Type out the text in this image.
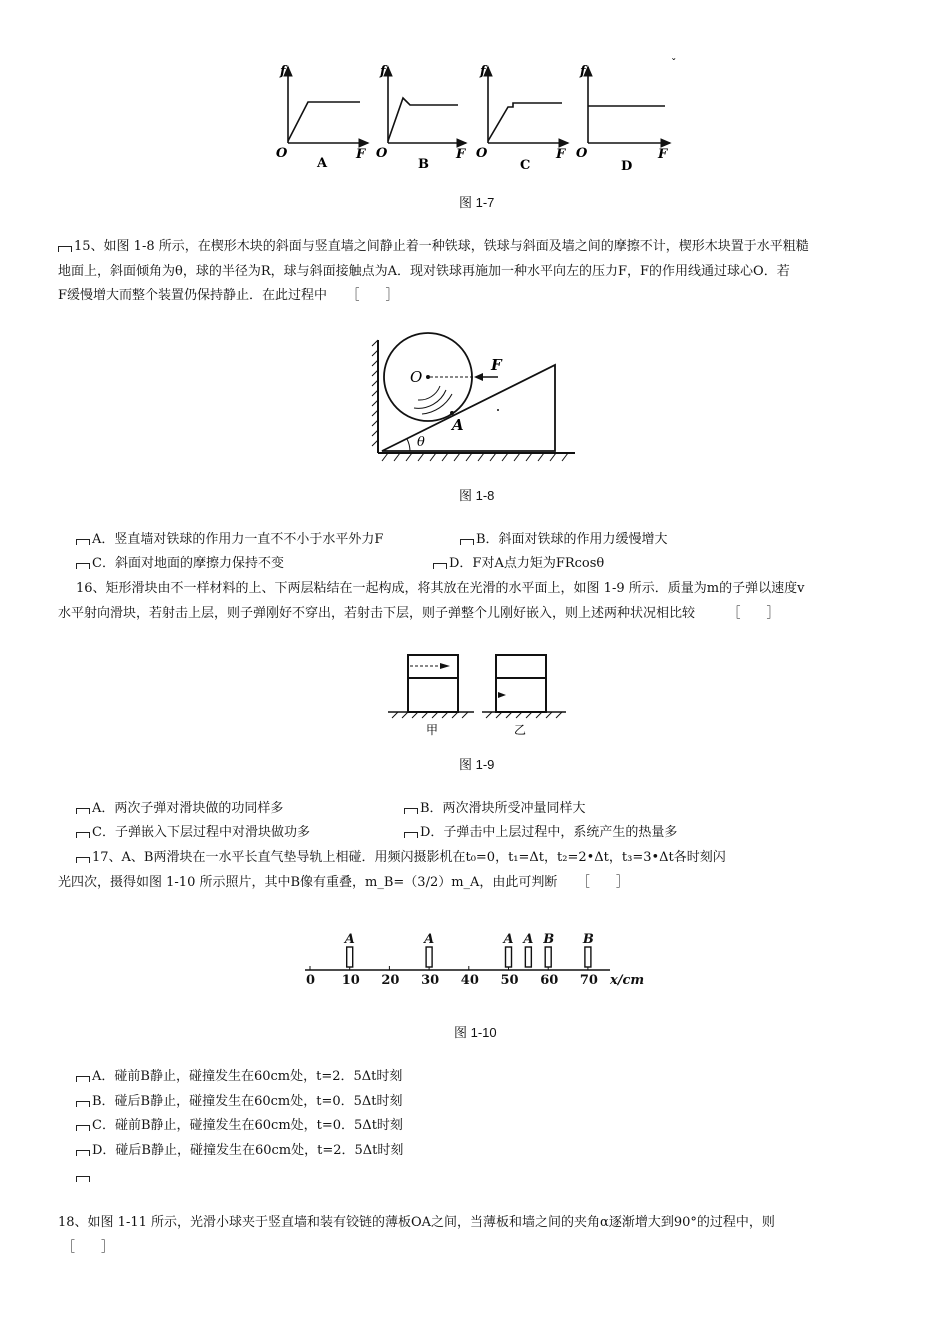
f
O	F
A
f
O	F
B
f
O	F
C
f
O	F
D
ˇ
图 1-7
15、如图 1-8 所示，在楔形木块的斜面与竖直墙之间静止着一种铁球，铁球与斜面及墙之间的摩擦不计，楔形木块置于水平粗糙
地面上，斜面倾角为θ，球的半径为R，球与斜面接触点为A．现对铁球再施加一种水平向左的压力F，F的作用线通过球心O．若
F缓慢增大而整个装置仍保持静止．在此过程中　　［　　］
O
F
A
θ
图 1-8
A．竖直墙对铁球的作用力一直不不小于水平外力F	B．斜面对铁球的作用力缓慢增大
C．斜面对地面的摩擦力保持不变	D．F对A点力矩为FRcosθ
16、矩形滑块由不一样材料的上、下两层粘结在一起构成，将其放在光滑的水平面上，如图 1-9 所示．质量为m的子弹以速度v
水平射向滑块，若射击上层，则子弹刚好不穿出，若射击下层，则子弹整个儿刚好嵌入，则上述两种状况相比较　　　［　　］
甲	乙
图 1-9
A．两次子弹对滑块做的功同样多	B．两次滑块所受冲量同样大
C．子弹嵌入下层过程中对滑块做功多	D．子弹击中上层过程中，系统产生的热量多
17、A、B两滑块在一水平长直气垫导轨上相碰．用频闪摄影机在t₀=0，t₁=Δt，t₂=2•Δt，t₃=3•Δt各时刻闪
光四次，摄得如图 1-10 所示照片，其中B像有重叠，m_B=（3/2）m_A，由此可判断　　［　　］
0 10 20 30 40 50 60 70 x/cm
A	A	A A B B
图 1-10
A．碰前B静止，碰撞发生在60cm处，t=2．5Δt时刻
B．碰后B静止，碰撞发生在60cm处，t=0．5Δt时刻
C．碰前B静止，碰撞发生在60cm处，t=0．5Δt时刻
D．碰后B静止，碰撞发生在60cm处，t=2．5Δt时刻
18、如图 1-11 所示，光滑小球夹于竖直墙和装有铰链的薄板OA之间，当薄板和墙之间的夹角α逐渐增大到90°的过程中，则
［　　］
